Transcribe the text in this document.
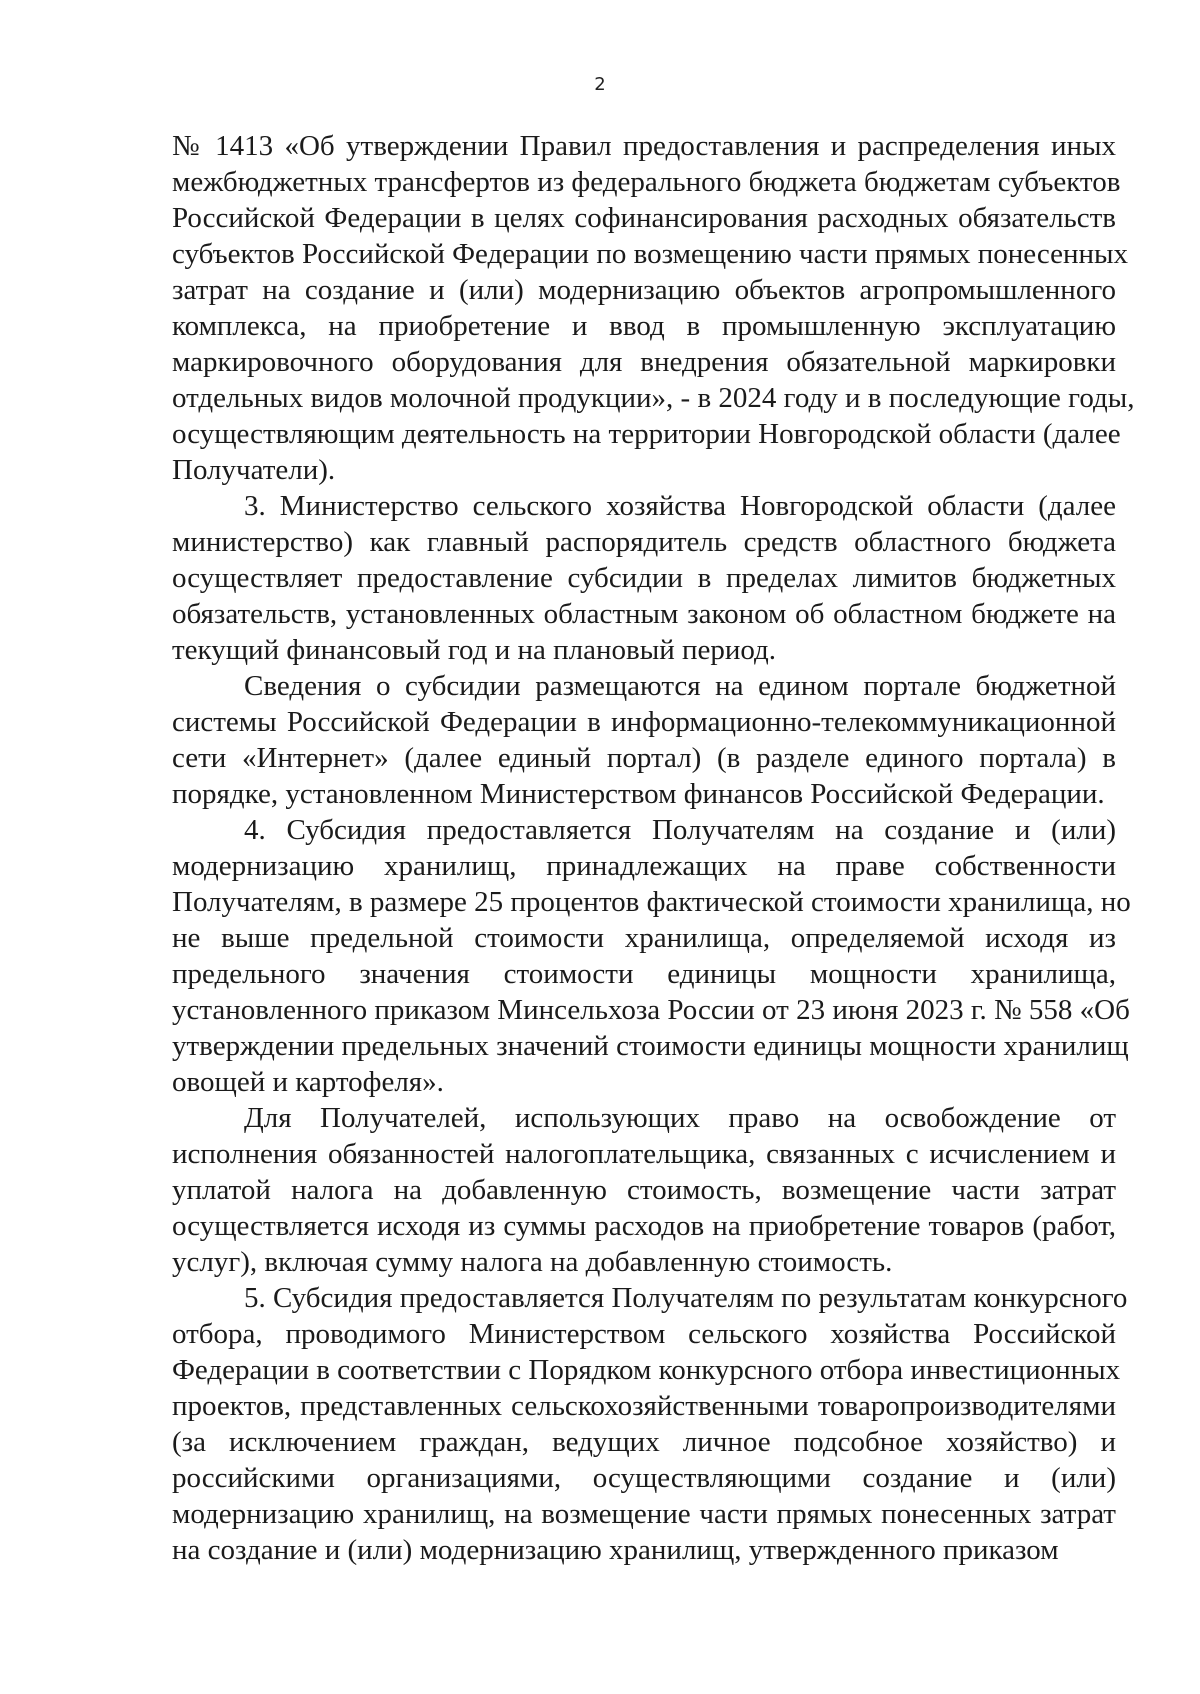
2
№ 1413 «Об утверждении Правил предоставления и распределения иных
межбюджетных трансфертов из федерального бюджета бюджетам субъектов
Российской Федерации в целях софинансирования расходных обязательств
субъектов Российской Федерации по возмещению части прямых понесенных
затрат на создание и (или) модернизацию объектов агропромышленного
комплекса, на приобретение и ввод в промышленную эксплуатацию
маркировочного оборудования для внедрения обязательной маркировки
отдельных видов молочной продукции», - в 2024 году и в последующие годы,
осуществляющим деятельность на территории Новгородской области (далее
Получатели).
3. Министерство сельского хозяйства Новгородской области (далее
министерство) как главный распорядитель средств областного бюджета
осуществляет предоставление субсидии в пределах лимитов бюджетных
обязательств, установленных областным законом об областном бюджете на
текущий финансовый год и на плановый период.
Сведения о субсидии размещаются на едином портале бюджетной
системы Российской Федерации в информационно-телекоммуникационной
сети «Интернет» (далее единый портал) (в разделе единого портала) в
порядке, установленном Министерством финансов Российской Федерации.
4. Субсидия предоставляется Получателям на создание и (или)
модернизацию хранилищ, принадлежащих на праве собственности
Получателям, в размере 25 процентов фактической стоимости хранилища, но
не выше предельной стоимости хранилища, определяемой исходя из
предельного значения стоимости единицы мощности хранилища,
установленного приказом Минсельхоза России от 23 июня 2023 г. № 558 «Об
утверждении предельных значений стоимости единицы мощности хранилищ
овощей и картофеля».
Для Получателей, использующих право на освобождение от
исполнения обязанностей налогоплательщика, связанных с исчислением и
уплатой налога на добавленную стоимость, возмещение части затрат
осуществляется исходя из суммы расходов на приобретение товаров (работ,
услуг), включая сумму налога на добавленную стоимость.
5. Субсидия предоставляется Получателям по результатам конкурсного
отбора, проводимого Министерством сельского хозяйства Российской
Федерации в соответствии с Порядком конкурсного отбора инвестиционных
проектов, представленных сельскохозяйственными товаропроизводителями
(за исключением граждан, ведущих личное подсобное хозяйство) и
российскими организациями, осуществляющими создание и (или)
модернизацию хранилищ, на возмещение части прямых понесенных затрат
на создание и (или) модернизацию хранилищ, утвержденного приказом
